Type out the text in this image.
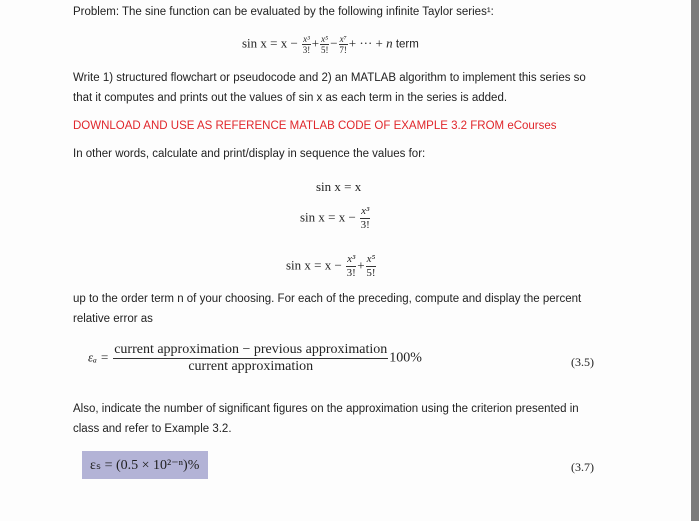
Problem: The sine function can be evaluated by the following infinite Taylor series¹:
$\sin x = x - \frac{\text{x³}}{3!} + \frac{\text{x⁵}}{5!} - \frac{\text{x⁷}}{7!}$ + ··· + n term
Write 1) structured flowchart or pseudocode and 2) an MATLAB algorithm to implement this series so
that it computes and prints out the values of sin x as each term in the series is added.
DOWNLOAD AND USE AS REFERENCE MATLAB CODE OF EXAMPLE 3.2 FROM eCourses
In other words, calculate and print/display in sequence the values for:
sin x = x
$\sin x = x - \frac{\text{x³}}{3!}$
$\sin x = x - \frac{\text{x³}}{3!} + \frac{\text{x⁵}}{5!}$
up to the order term n of your choosing. For each of the preceding, compute and display the percent
relative error as
$\varepsilon_a = \frac{\text{current approximation − previous approximation}}{\text{current approximation}} 100\%$	(3.5)
Also, indicate the number of significant figures on the approximation using the criterion presented in
class and refer to Example 3.2.
εₛ = (0.5 × 10²⁻ⁿ)%	(3.7)
